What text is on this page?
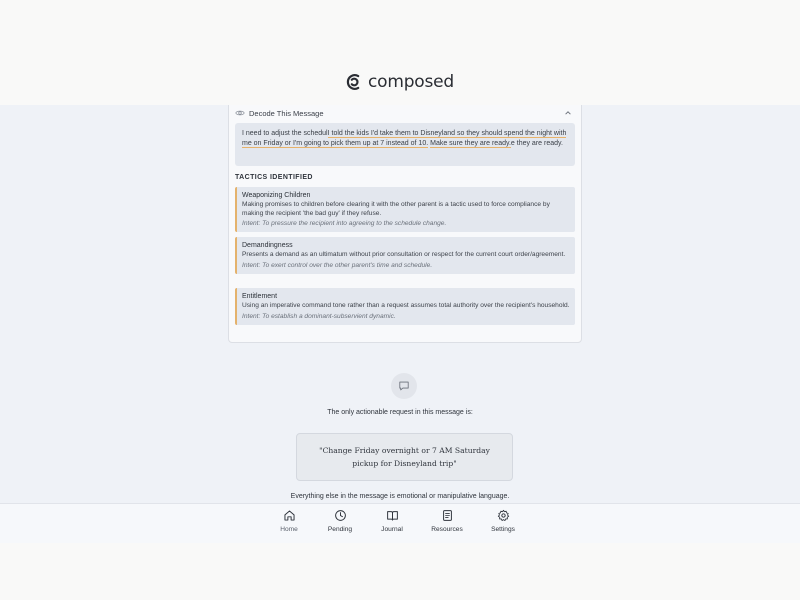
composed
Decode This Message
I need to adjust the schedulI told the kids I'd take them to Disneyland so they should spend the night with me on Friday or I'm going to pick them up at 7 instead of 10. Make sure they are ready.e they are ready.
TACTICS IDENTIFIED
Weaponizing Children
Making promises to children before clearing it with the other parent is a tactic used to force compliance by making the recipient 'the bad guy' if they refuse.
Intent: To pressure the recipient into agreeing to the schedule change.
Demandingness
Presents a demand as an ultimatum without prior consultation or respect for the current court order/agreement.
Intent: To exert control over the other parent's time and schedule.
Entitlement
Using an imperative command tone rather than a request assumes total authority over the recipient's household.
Intent: To establish a dominant-subservient dynamic.
The only actionable request in this message is:
"Change Friday overnight or 7 AM Saturday pickup for Disneyland trip"
Everything else in the message is emotional or manipulative language.
Home	Pending	Journal	Resources	Settings
